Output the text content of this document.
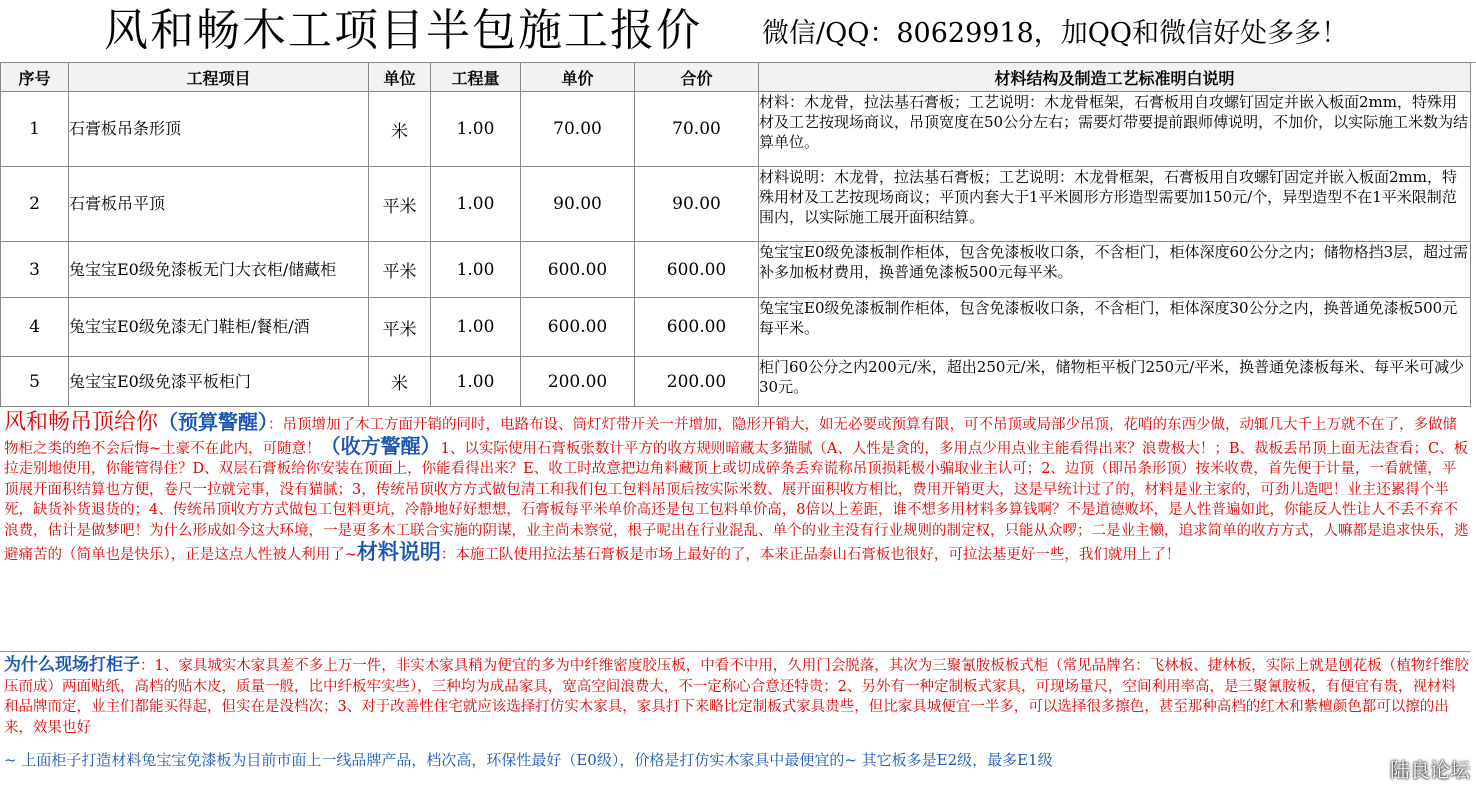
风和畅木工项目半包施工报价 微信/QQ：80629918，加QQ和微信好处多多！
序号	工程项目	单位	工程量	单价	合价	材料结构及制造工艺标准明白说明
1	石膏板吊条形顶	米	1.00	70.00	70.00	材料：木龙骨，拉法基石膏板；工艺说明：木龙骨框架，石膏板用自攻螺钉固定并嵌入板面2mm，特殊用材及工艺按现场商议，吊顶宽度在50公分左右；需要灯带要提前跟师傅说明，不加价，以实际施工米数为结算单位。
2	石膏板吊平顶	平米	1.00	90.00	90.00	材料说明：木龙骨，拉法基石膏板；工艺说明：木龙骨框架，石膏板用自攻螺钉固定并嵌入板面2mm，特殊用材及工艺按现场商议；平顶内套大于1平米圆形方形造型需要加150元/个，异型造型不在1平米限制范围内，以实际施工展开面积结算。
3	兔宝宝E0级免漆板无门大衣柜/储藏柜	平米	1.00	600.00	600.00	兔宝宝E0级免漆板制作柜体，包含免漆板收口条，不含柜门，柜体深度60公分之内；储物格挡3层，超过需补多加板材费用，换普通免漆板500元每平米。
4	兔宝宝E0级免漆无门鞋柜/餐柜/酒	平米	1.00	600.00	600.00	兔宝宝E0级免漆板制作柜体，包含免漆板收口条，不含柜门，柜体深度30公分之内，换普通免漆板500元每平米。
5	兔宝宝E0级免漆平板柜门	米	1.00	200.00	200.00	柜门60公分之内200元/米，超出250元/米，储物柜平板门250元/平米，换普通免漆板每米、每平米可减少30元。
风和畅吊顶给你（预算警醒）：吊顶增加了木工方面开销的同时，电路布设、筒灯灯带开关一并增加，隐形开销大，如无必要或预算有限，可不吊顶或局部少吊顶，花哨的东西少做，动辄几大千上万就不在了，多做储物柜之类的绝不会后悔~土豪不在此内，可随意！（收方警醒）1、以实际使用石膏板张数计平方的收方规则暗藏太多猫腻（A、人性是贪的，多用点少用点业主能看得出来？浪费极大！；B、裁板丢吊顶上面无法查看；C、板拉走别地使用，你能管得住？D、双层石膏板给你安装在顶面上，你能看得出来？E、收工时故意把边角料藏顶上或切成碎条丢弃谎称吊顶损耗极小骗取业主认可；2、边顶（即吊条形顶）按米收费，首先便于计量，一看就懂，平顶展开面积结算也方便，卷尺一拉就完事，没有猫腻；3，传统吊顶收方方式做包清工和我们包工包料吊顶后按实际米数、展开面积收方相比，费用开销更大，这是早统计过了的，材料是业主家的，可劲儿造吧！业主还累得个半死，缺货补货退货的；4、传统吊顶收方方式做包工包料更坑，冷静地好好想想，石膏板每平米单价高还是包工包料单价高，8倍以上差距，谁不想多用材料多算钱啊？不是道德败坏，是人性普遍如此，你能反人性让人不丢不弃不浪费，估计是做梦吧！为什么形成如今这大环境，一是更多木工联合实施的阴谋，业主尚未察觉，根子呢出在行业混乱、单个的业主没有行业规则的制定权，只能从众啰；二是业主懒，追求简单的收方方式，人嘛都是追求快乐，逃避痛苦的（简单也是快乐），正是这点人性被人利用了~材料说明：本施工队使用拉法基石膏板是市场上最好的了，本来正品泰山石膏板也很好，可拉法基更好一些，我们就用上了！
为什么现场打柜子：1、家具城实木家具差不多上万一件，非实木家具稍为便宜的多为中纤维密度胶压板，中看不中用，久用门会脱落，其次为三聚氰胺板板式柜（常见品牌名：飞林板、捷林板，实际上就是刨花板（植物纤维胶压而成）两面贴纸，高档的贴木皮，质量一般，比中纤板牢实些），三种均为成品家具，宽高空间浪费大，不一定称心合意还特贵；2、另外有一种定制板式家具，可现场量尺，空间利用率高，是三聚氰胺板，有便宜有贵，视材料和品牌而定，业主们都能买得起，但实在是没档次；3、对于改善性住宅就应该选择打仿实木家具，家具打下来略比定制板式家具贵些，但比家具城便宜一半多，可以选择很多擦色，甚至那种高档的红木和紫檀颜色都可以擦的出来，效果也好
~ 上面柜子打造材料兔宝宝免漆板为目前市面上一线品牌产品，档次高，环保性最好（E0级），价格是打仿实木家具中最便宜的~ 其它板多是E2级，最多E1级	陆良论坛
